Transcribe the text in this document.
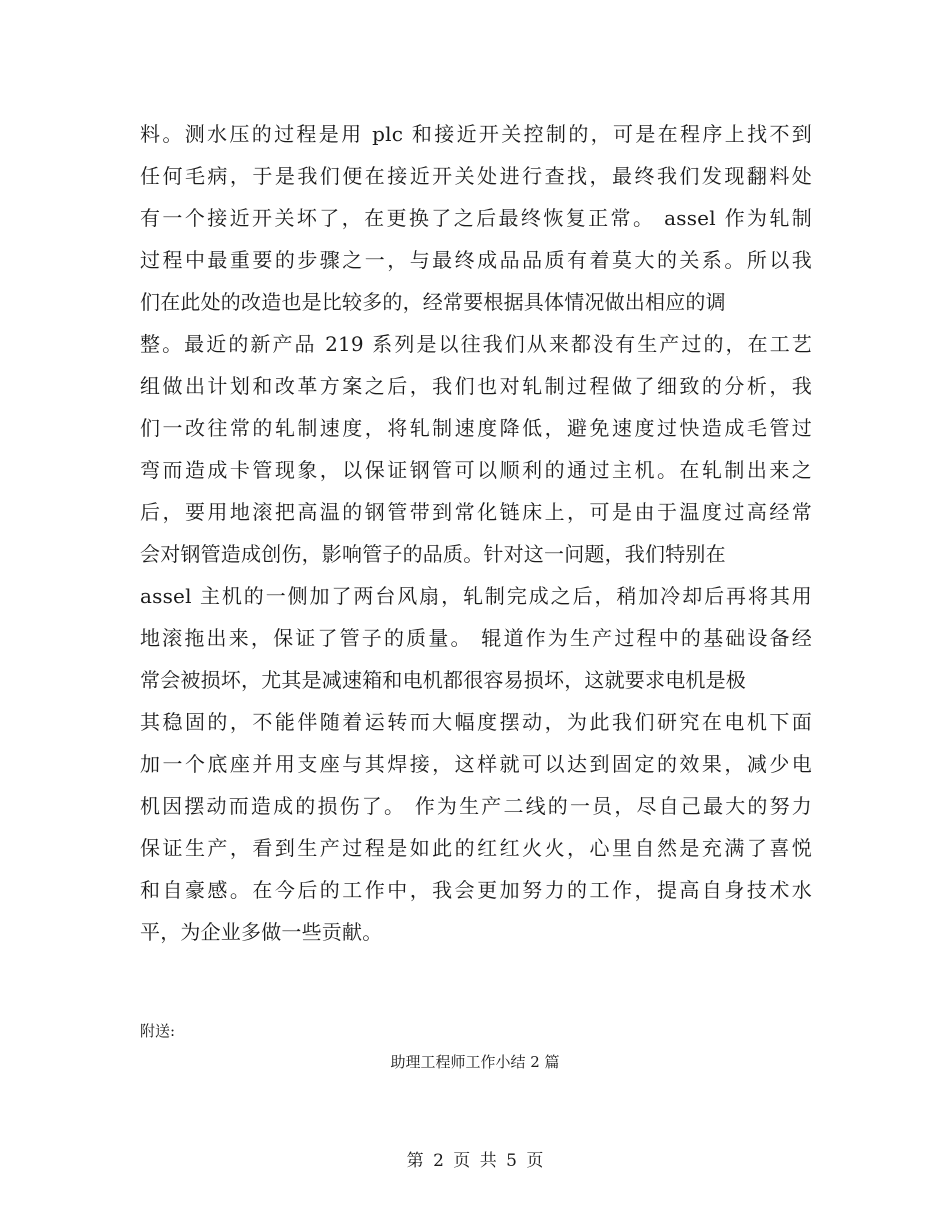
料。测水压的过程是用 plc 和接近开关控制的，可是在程序上找不到
任何毛病，于是我们便在接近开关处进行查找，最终我们发现翻料处
有一个接近开关坏了，在更换了之后最终恢复正常。 assel 作为轧制
过程中最重要的步骤之一，与最终成品品质有着莫大的关系。所以我
们在此处的改造也是比较多的，经常要根据具体情况做出相应的调
整。最近的新产品 219 系列是以往我们从来都没有生产过的，在工艺
组做出计划和改革方案之后，我们也对轧制过程做了细致的分析，我
们一改往常的轧制速度，将轧制速度降低，避免速度过快造成毛管过
弯而造成卡管现象，以保证钢管可以顺利的通过主机。在轧制出来之
后，要用地滚把高温的钢管带到常化链床上，可是由于温度过高经常
会对钢管造成创伤，影响管子的品质。针对这一问题，我们特别在
assel 主机的一侧加了两台风扇，轧制完成之后，稍加冷却后再将其用
地滚拖出来，保证了管子的质量。 辊道作为生产过程中的基础设备经
常会被损坏，尤其是减速箱和电机都很容易损坏，这就要求电机是极
其稳固的，不能伴随着运转而大幅度摆动，为此我们研究在电机下面
加一个底座并用支座与其焊接，这样就可以达到固定的效果，减少电
机因摆动而造成的损伤了。 作为生产二线的一员，尽自己最大的努力
保证生产，看到生产过程是如此的红红火火，心里自然是充满了喜悦
和自豪感。在今后的工作中，我会更加努力的工作，提高自身技术水
平，为企业多做一些贡献。
附送:
助理工程师工作小结 2 篇
第 2 页 共 5 页
